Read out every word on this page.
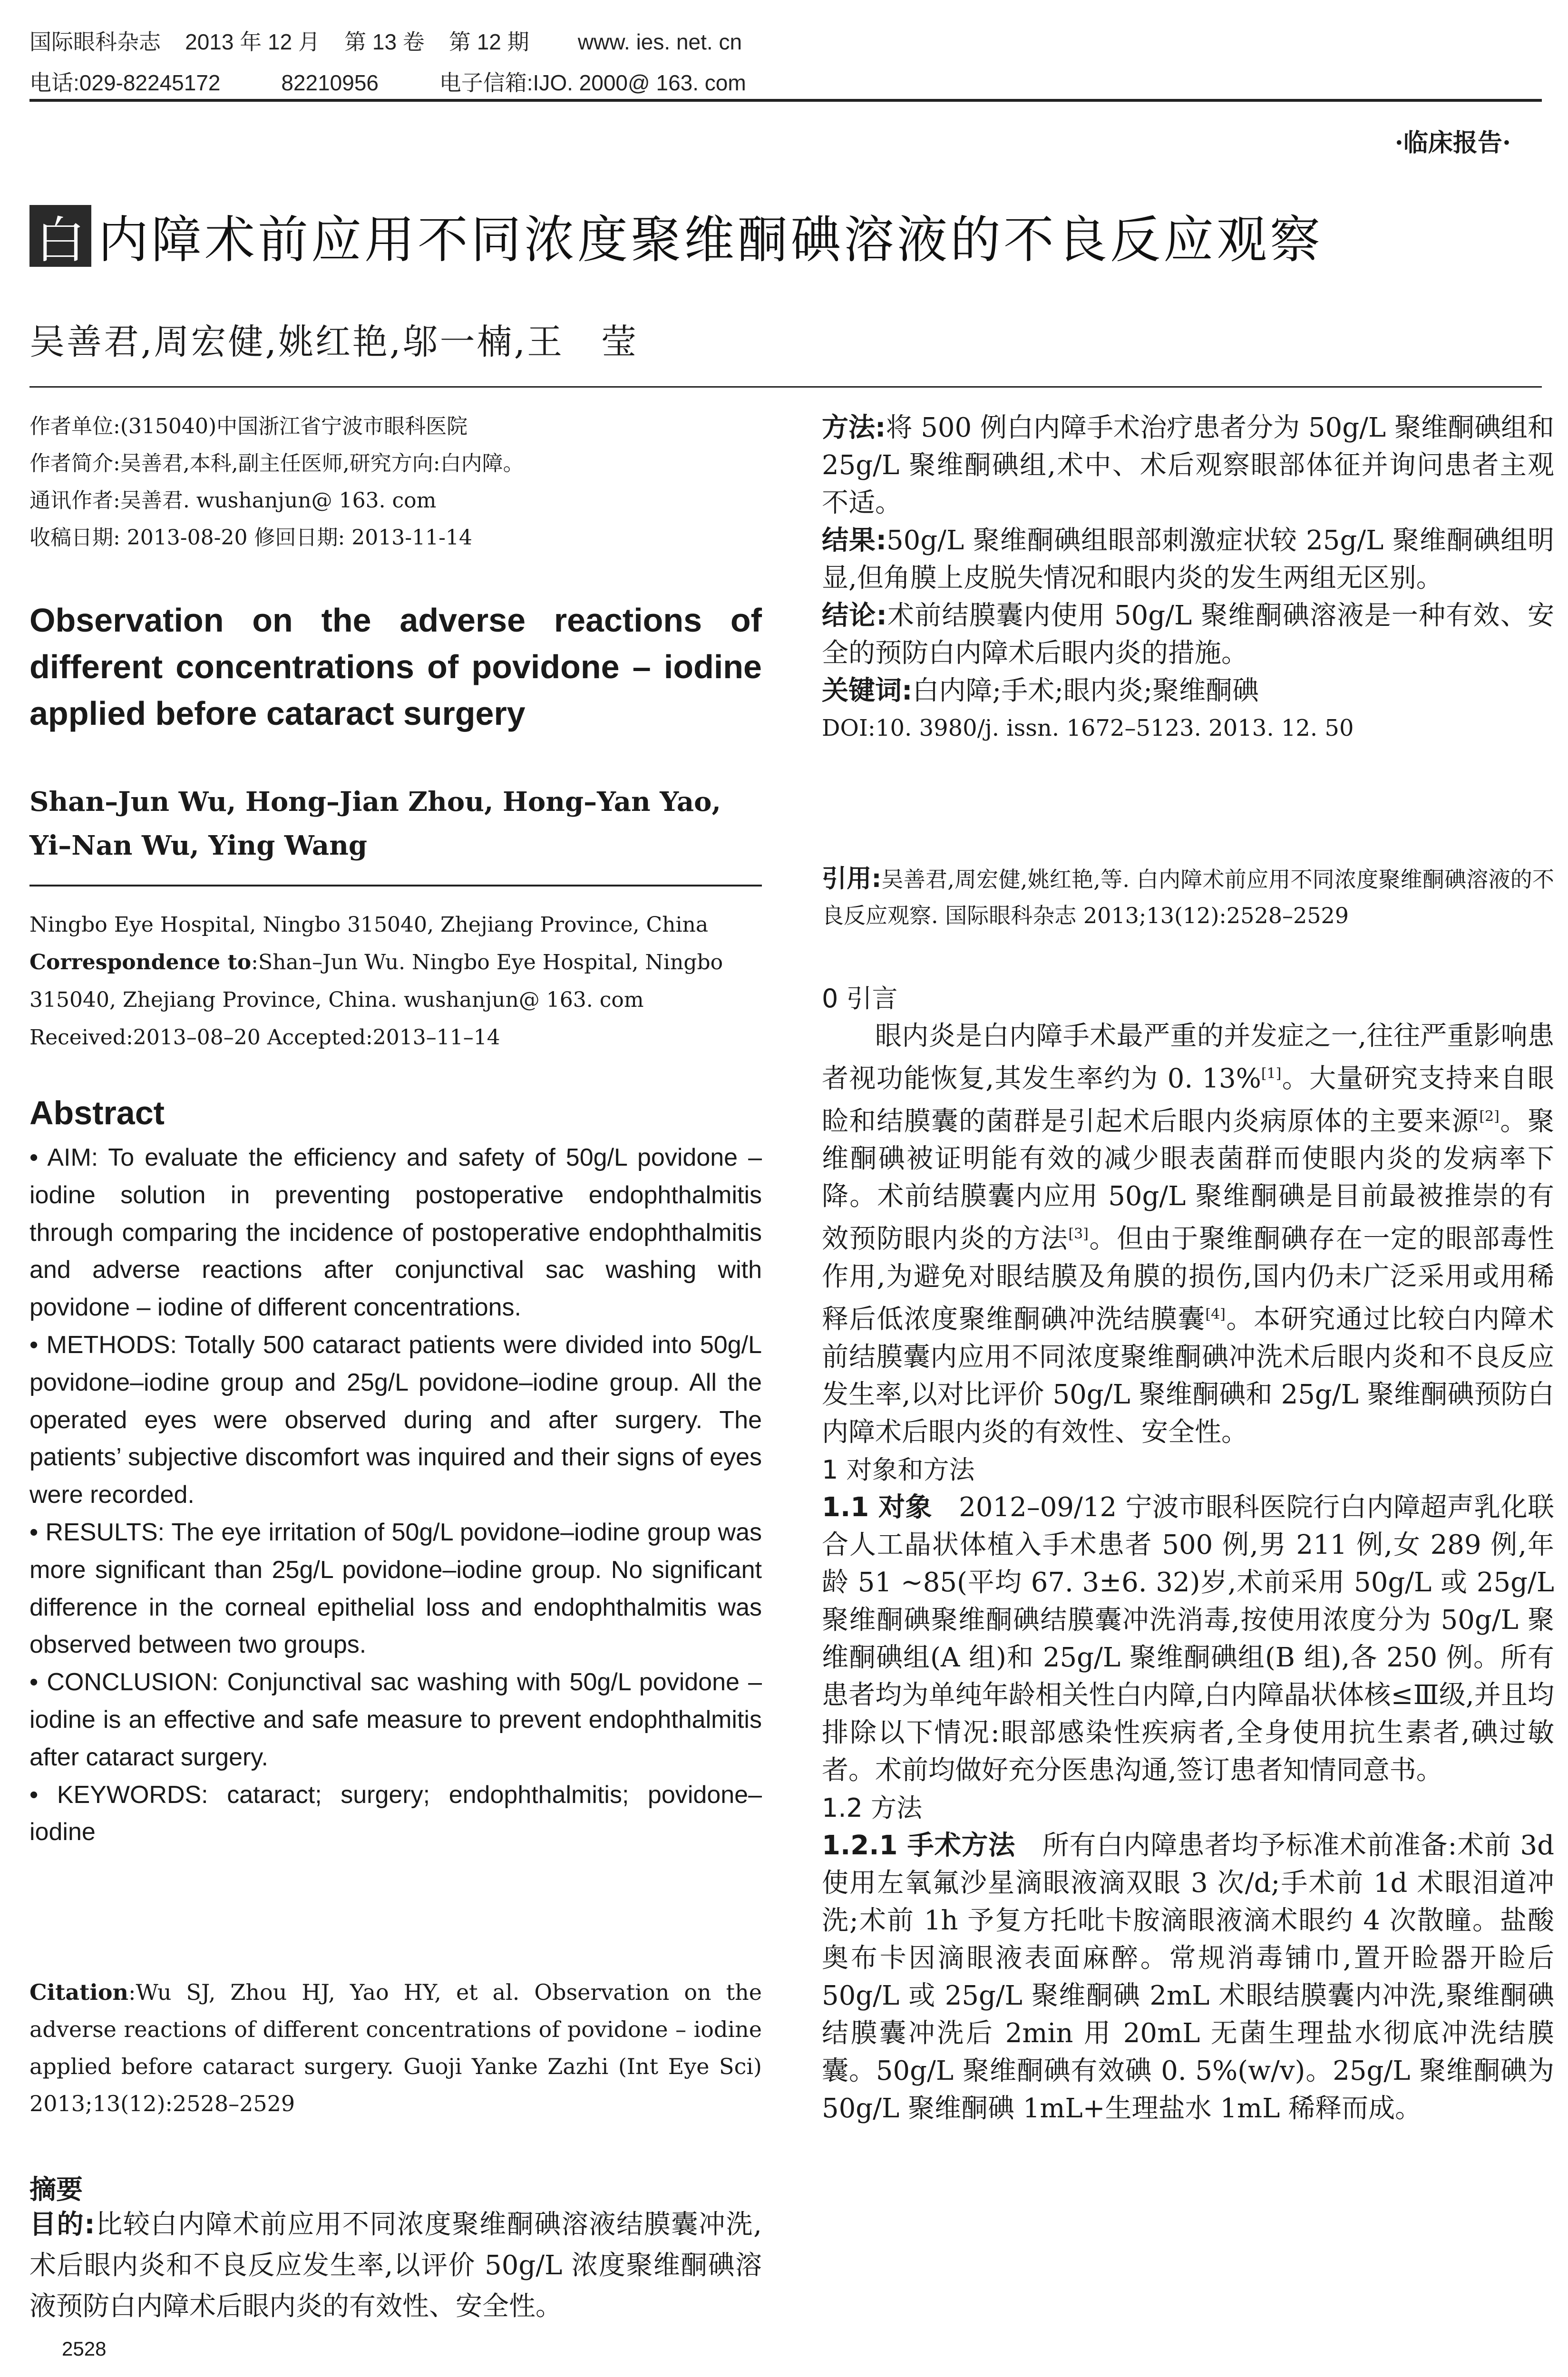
国际眼科杂志    2013 年 12 月    第 13 卷    第 12 期        www. ies. net. cn
电话:029-82245172          82210956          电子信箱:IJO. 2000@ 163. com
·临床报告·
白 内障术前应用不同浓度聚维酮碘溶液的不良反应观察
吴善君,周宏健,姚红艳,邬一楠,王　莹
作者单位:(315040)中国浙江省宁波市眼科医院
作者简介:吴善君,本科,副主任医师,研究方向:白内障。
通讯作者:吴善君. wushanjun@ 163. com
收稿日期: 2013-08-20 修回日期: 2013-11-14
Observation on the adverse reactions of different concentrations of povidone – iodine applied before cataract surgery
Shan–Jun Wu, Hong–Jian Zhou, Hong–Yan Yao, Yi–Nan Wu, Ying Wang
Ningbo Eye Hospital, Ningbo 315040, Zhejiang Province, China
Correspondence to:Shan–Jun Wu. Ningbo Eye Hospital, Ningbo 315040, Zhejiang Province, China. wushanjun@ 163. com
Received:2013–08–20 Accepted:2013–11–14
Abstract

• AIM: To evaluate the efficiency and safety of 50g/L povidone – iodine solution in preventing postoperative endophthalmitis through comparing the incidence of postoperative endophthalmitis and adverse reactions after conjunctival sac washing with povidone – iodine of different concentrations.

• METHODS: Totally 500 cataract patients were divided into 50g/L povidone–iodine group and 25g/L povidone–iodine group. All the operated eyes were observed during and after surgery. The patients’ subjective discomfort was inquired and their signs of eyes were recorded.

• RESULTS: The eye irritation of 50g/L povidone–iodine group was more significant than 25g/L povidone–iodine group. No significant difference in the corneal epithelial loss and endophthalmitis was observed between two groups.

• CONCLUSION: Conjunctival sac washing with 50g/L povidone – iodine is an effective and safe measure to prevent endophthalmitis after cataract surgery.

• KEYWORDS: cataract; surgery; endophthalmitis; povidone–iodine

Citation:Wu SJ, Zhou HJ, Yao HY, et al. Observation on the adverse reactions of different concentrations of povidone – iodine applied before cataract surgery. Guoji Yanke Zazhi (Int Eye Sci) 2013;13(12):2528–2529
摘要
目的:比较白内障术前应用不同浓度聚维酮碘溶液结膜囊冲洗,术后眼内炎和不良反应发生率,以评价 50g/L 浓度聚维酮碘溶液预防白内障术后眼内炎的有效性、安全性。
2528

方法:将 500 例白内障手术治疗患者分为 50g/L 聚维酮碘组和 25g/L 聚维酮碘组,术中、术后观察眼部体征并询问患者主观不适。

结果:50g/L 聚维酮碘组眼部刺激症状较 25g/L 聚维酮碘组明显,但角膜上皮脱失情况和眼内炎的发生两组无区别。

结论:术前结膜囊内使用 50g/L 聚维酮碘溶液是一种有效、安全的预防白内障术后眼内炎的措施。

关键词:白内障;手术;眼内炎;聚维酮碘

DOI:10. 3980/j. issn. 1672–5123. 2013. 12. 50

引用:吴善君,周宏健,姚红艳,等. 白内障术前应用不同浓度聚维酮碘溶液的不良反应观察. 国际眼科杂志 2013;13(12):2528–2529

0 引言

眼内炎是白内障手术最严重的并发症之一,往往严重影响患者视功能恢复,其发生率约为 0. 13%[1]。大量研究支持来自眼睑和结膜囊的菌群是引起术后眼内炎病原体的主要来源[2]。聚维酮碘被证明能有效的减少眼表菌群而使眼内炎的发病率下降。术前结膜囊内应用 50g/L 聚维酮碘是目前最被推崇的有效预防眼内炎的方法[3]。但由于聚维酮碘存在一定的眼部毒性作用,为避免对眼结膜及角膜的损伤,国内仍未广泛采用或用稀释后低浓度聚维酮碘冲洗结膜囊[4]。本研究通过比较白内障术前结膜囊内应用不同浓度聚维酮碘冲洗术后眼内炎和不良反应发生率,以对比评价 50g/L 聚维酮碘和 25g/L 聚维酮碘预防白内障术后眼内炎的有效性、安全性。

1 对象和方法

1.1 对象　 2012–09/12 宁波市眼科医院行白内障超声乳化联合人工晶状体植入手术患者 500 例,男 211 例,女 289 例,年龄 51 ~85(平均 67. 3±6. 32)岁,术前采用 50g/L 或 25g/L 聚维酮碘聚维酮碘结膜囊冲洗消毒,按使用浓度分为 50g/L 聚维酮碘组(A 组)和 25g/L 聚维酮碘组(B 组),各 250 例。所有患者均为单纯年龄相关性白内障,白内障晶状体核≤Ⅲ级,并且均排除以下情况:眼部感染性疾病者,全身使用抗生素者,碘过敏者。术前均做好充分医患沟通,签订患者知情同意书。

1.2 方法

1.2.1 手术方法　 所有白内障患者均予标准术前准备:术前 3d 使用左氧氟沙星滴眼液滴双眼 3 次/d;手术前 1d 术眼泪道冲洗;术前 1h 予复方托吡卡胺滴眼液滴术眼约 4 次散瞳。盐酸奥布卡因滴眼液表面麻醉。常规消毒铺巾,置开睑器开睑后 50g/L 或 25g/L 聚维酮碘 2mL 术眼结膜囊内冲洗,聚维酮碘结膜囊冲洗后 2min 用 20mL 无菌生理盐水彻底冲洗结膜囊。50g/L 聚维酮碘有效碘 0. 5%(w/v)。25g/L 聚维酮碘为 50g/L 聚维酮碘 1mL+生理盐水 1mL 稀释而成。
